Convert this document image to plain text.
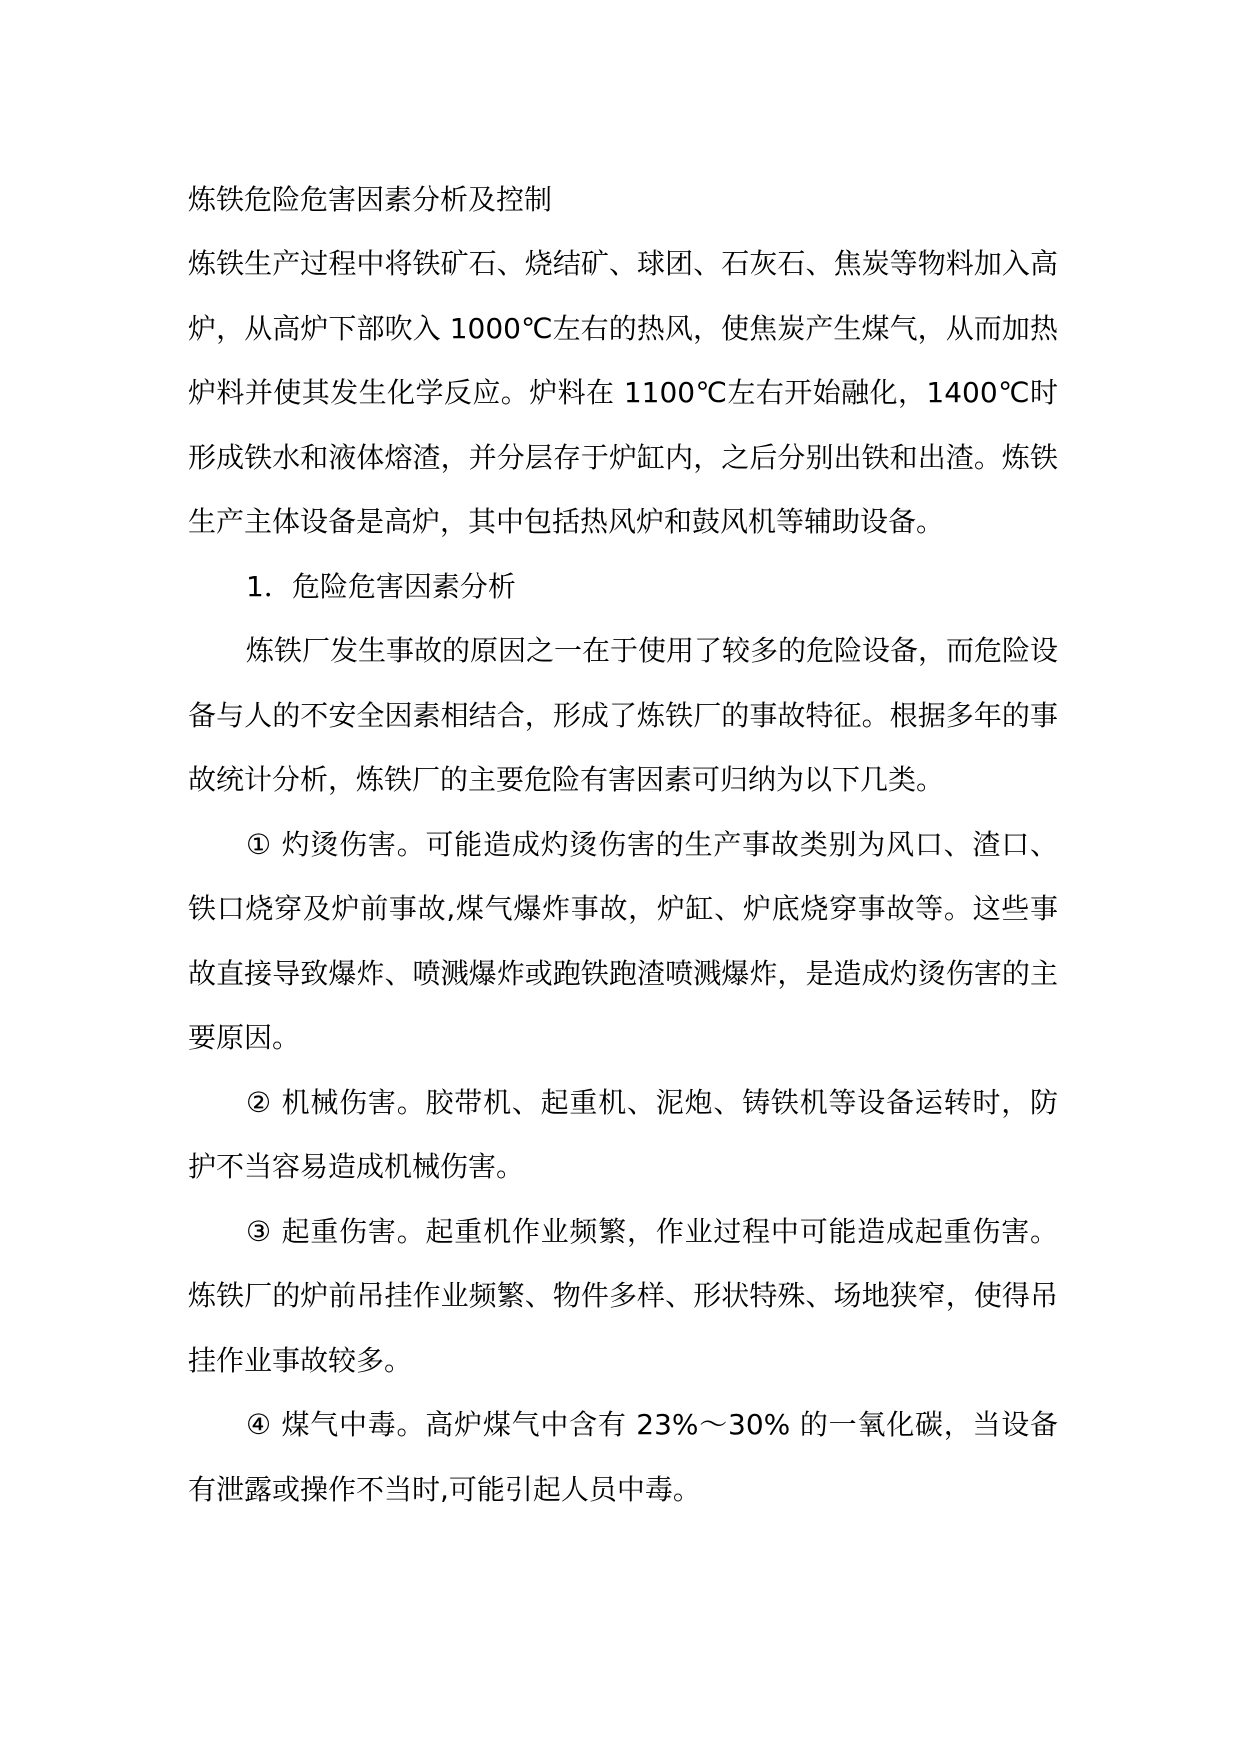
炼铁危险危害因素分析及控制

炼铁生产过程中将铁矿石、烧结矿、球团、石灰石、焦炭等物料加入高炉，从高炉下部吹入 1000℃左右的热风，使焦炭产生煤气，从而加热炉料并使其发生化学反应。炉料在 1100℃左右开始融化，1400℃时形成铁水和液体熔渣，并分层存于炉缸内，之后分别出铁和出渣。炼铁生产主体设备是高炉，其中包括热风炉和鼓风机等辅助设备。

1．危险危害因素分析

炼铁厂发生事故的原因之一在于使用了较多的危险设备，而危险设备与人的不安全因素相结合，形成了炼铁厂的事故特征。根据多年的事故统计分析，炼铁厂的主要危险有害因素可归纳为以下几类。

① 灼烫伤害。可能造成灼烫伤害的生产事故类别为风口、渣口、铁口烧穿及炉前事故,煤气爆炸事故，炉缸、炉底烧穿事故等。这些事故直接导致爆炸、喷溅爆炸或跑铁跑渣喷溅爆炸，是造成灼烫伤害的主要原因。

② 机械伤害。胶带机、起重机、泥炮、铸铁机等设备运转时，防护不当容易造成机械伤害。

③ 起重伤害。起重机作业频繁，作业过程中可能造成起重伤害。炼铁厂的炉前吊挂作业频繁、物件多样、形状特殊、场地狭窄，使得吊挂作业事故较多。

④ 煤气中毒。高炉煤气中含有 23%～30% 的一氧化碳，当设备有泄露或操作不当时,可能引起人员中毒。
